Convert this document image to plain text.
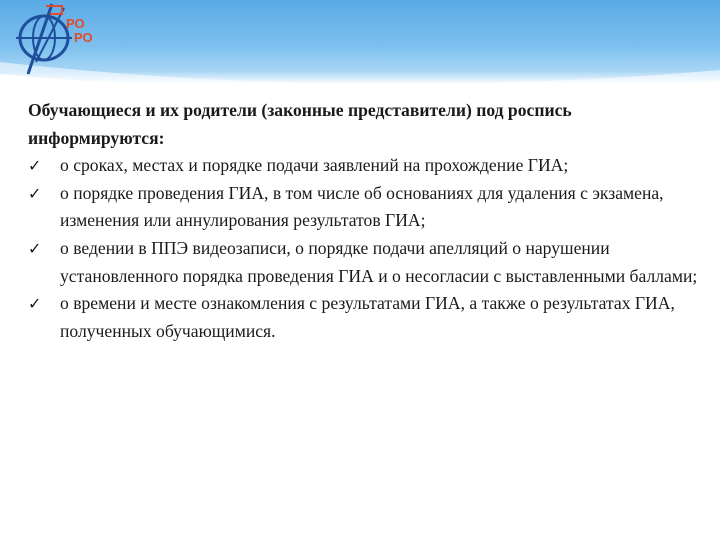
РО
РО

Обучающиеся и их родители (законные представители) под роспись информируются:

✓	о сроках, местах и порядке подачи заявлений на прохождение ГИА;
✓	о порядке проведения ГИА, в том числе об основаниях для удаления с экзамена, изменения или аннулирования результатов ГИА;
✓	о ведении в ППЭ видеозаписи, о порядке подачи апелляций о нарушении установленного порядка проведения ГИА и о несогласии с выставленными баллами;
✓	о времени и месте ознакомления с результатами ГИА, а также о результатах ГИА, полученных обучающимися.
